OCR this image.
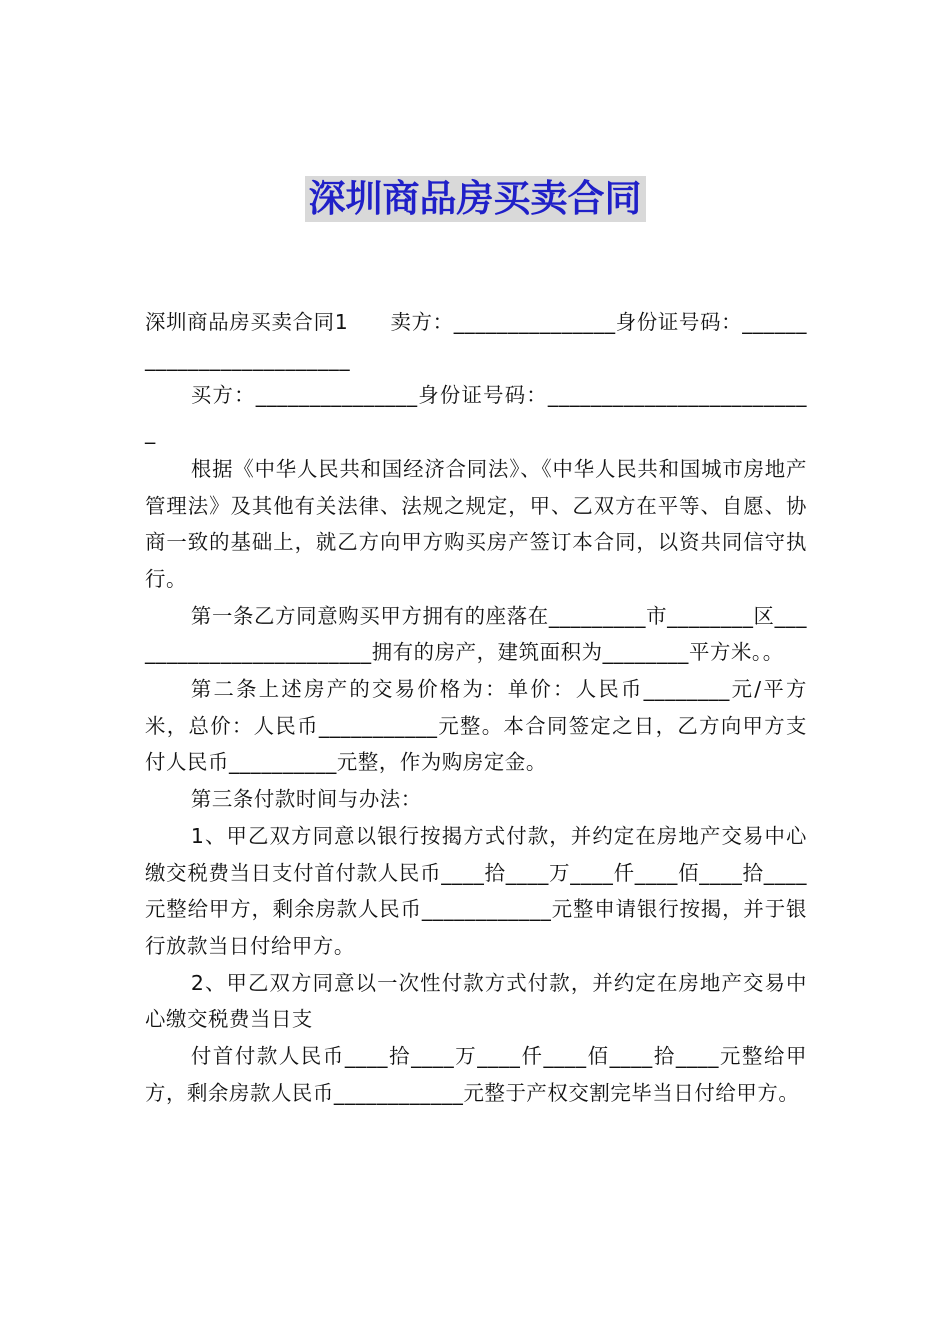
深圳商品房买卖合同

深圳商品房买卖合同1　　卖方：_______________身份证号码：_________________________

买方：_______________身份证号码：_________________________

根据《中华人民共和国经济合同法》、《中华人民共和国城市房地产管理法》及其他有关法律、法规之规定，甲、乙双方在平等、自愿、协商一致的基础上，就乙方向甲方购买房产签订本合同，以资共同信守执行。

第一条乙方同意购买甲方拥有的座落在_________市________区________________________拥有的房产，建筑面积为________平方米。。

第二条上述房产的交易价格为：单价：人民币________元/平方米，总价：人民币___________元整。本合同签定之日，乙方向甲方支付人民币__________元整，作为购房定金。

第三条付款时间与办法：

1、甲乙双方同意以银行按揭方式付款，并约定在房地产交易中心缴交税费当日支付首付款人民币____拾____万____仟____佰____拾____元整给甲方，剩余房款人民币____________元整申请银行按揭，并于银行放款当日付给甲方。

2、甲乙双方同意以一次性付款方式付款，并约定在房地产交易中心缴交税费当日支

付首付款人民币____拾____万____仟____佰____拾____元整给甲方，剩余房款人民币____________元整于产权交割完毕当日付给甲方。
